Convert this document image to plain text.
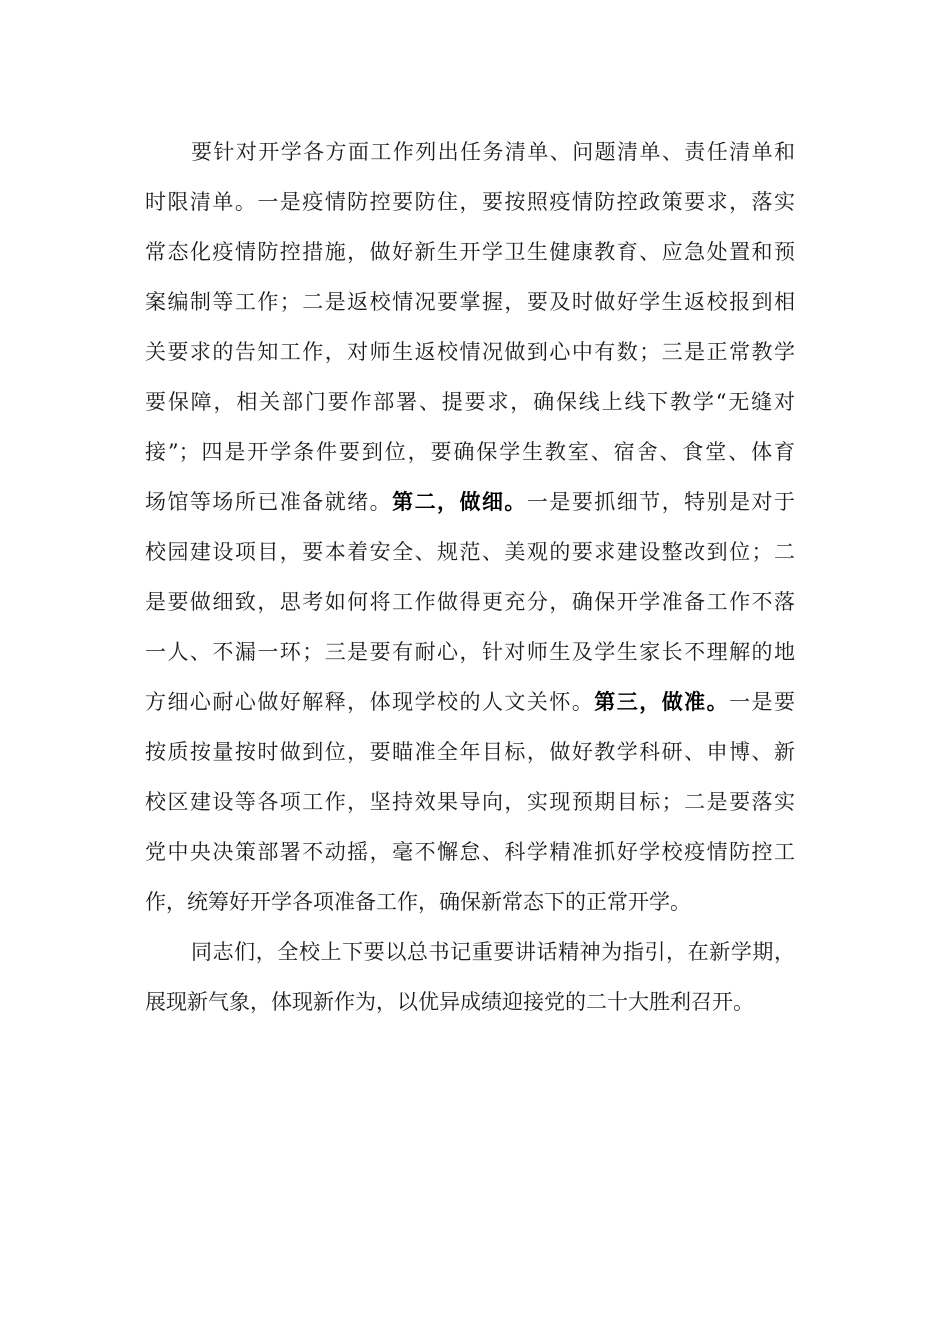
要针对开学各方面工作列出任务清单、问题清单、责任清单和
时限清单。一是疫情防控要防住，要按照疫情防控政策要求，落实
常态化疫情防控措施，做好新生开学卫生健康教育、应急处置和预
案编制等工作；二是返校情况要掌握，要及时做好学生返校报到相
关要求的告知工作，对师生返校情况做到心中有数；三是正常教学
要保障，相关部门要作部署、提要求，确保线上线下教学“无缝对
接”；四是开学条件要到位，要确保学生教室、宿舍、食堂、体育
场馆等场所已准备就绪。第二，做细。一是要抓细节，特别是对于
校园建设项目，要本着安全、规范、美观的要求建设整改到位；二
是要做细致，思考如何将工作做得更充分，确保开学准备工作不落
一人、不漏一环；三是要有耐心，针对师生及学生家长不理解的地
方细心耐心做好解释，体现学校的人文关怀。第三，做准。一是要
按质按量按时做到位，要瞄准全年目标，做好教学科研、申博、新
校区建设等各项工作，坚持效果导向，实现预期目标；二是要落实
党中央决策部署不动摇，毫不懈怠、科学精准抓好学校疫情防控工
作，统筹好开学各项准备工作，确保新常态下的正常开学。
同志们，全校上下要以总书记重要讲话精神为指引，在新学期，
展现新气象，体现新作为，以优异成绩迎接党的二十大胜利召开。
